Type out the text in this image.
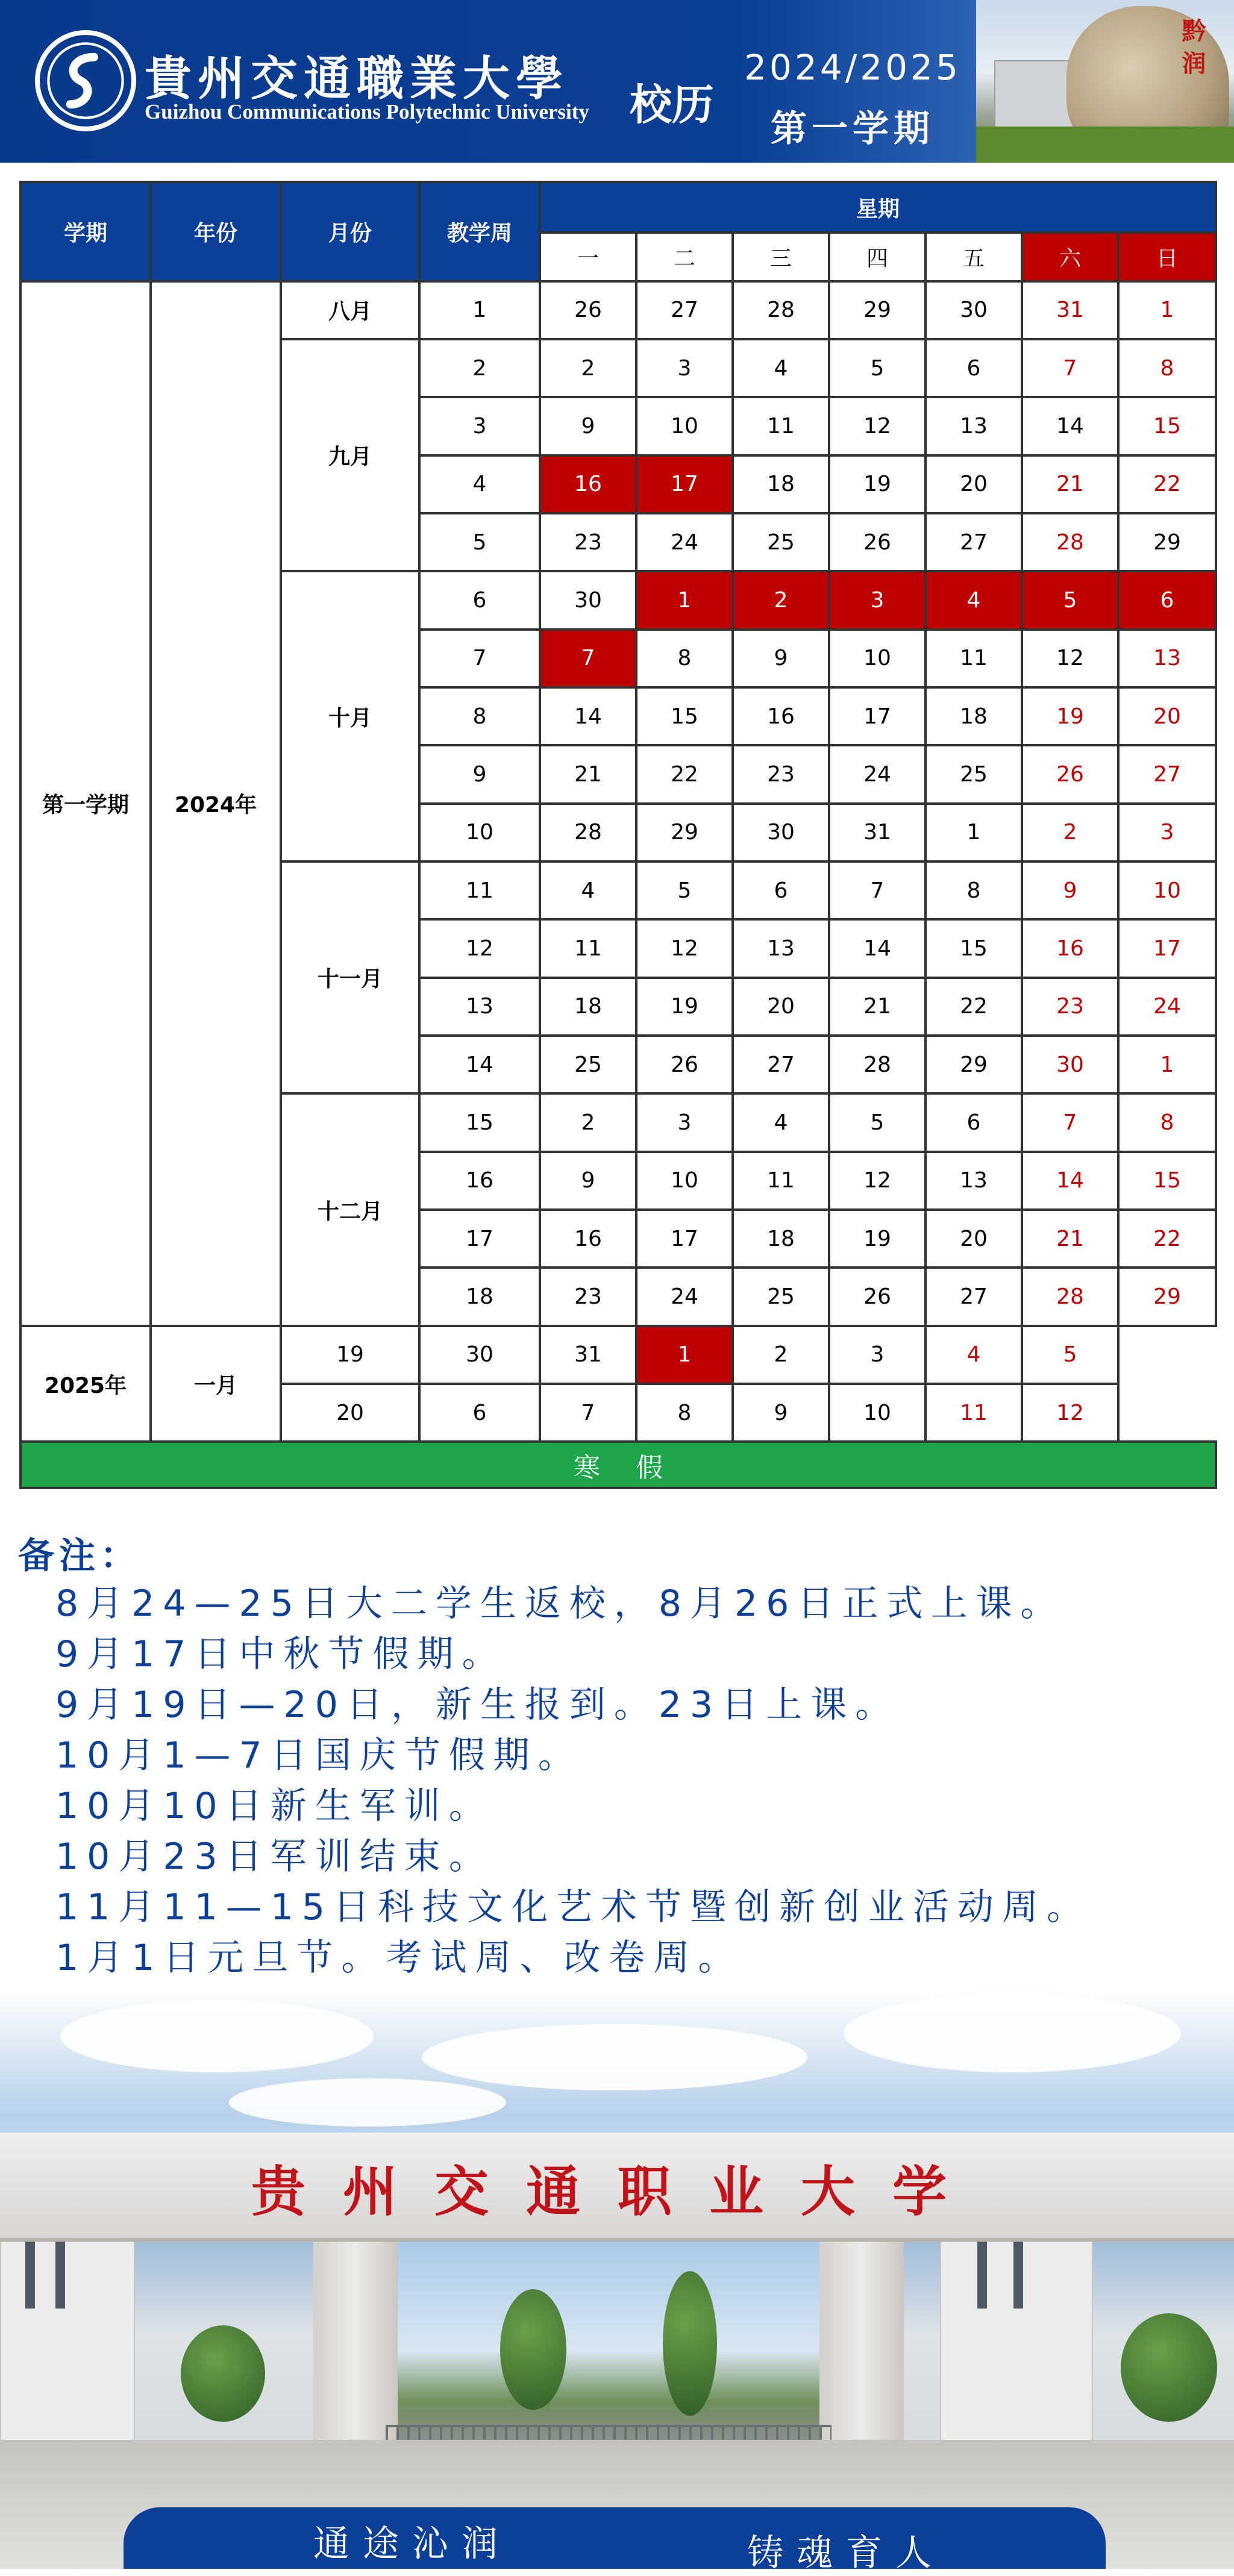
貴州交通職業大學
Guizhou Communications Polytechnic University 校历
2024/2025
第一学期
黔 润
学期	年份	月份	教学周	星期						
				一	二	三	四	五	六	日
第一学期	2024年	八月	1	26	27	28	29	30	31	1
		九月	2	2	3	4	5	6	7	8
			3	9	10	11	12	13	14	15
			4	16	17	18	19	20	21	22
			5	23	24	25	26	27	28	29
		十月	6	30	1	2	3	4	5	6
			7	7	8	9	10	11	12	13
			8	14	15	16	17	18	19	20
			9	21	22	23	24	25	26	27
			10	28	29	30	31	1	2	3
		十一月	11	4	5	6	7	8	9	10
			12	11	12	13	14	15	16	17
			13	18	19	20	21	22	23	24
			14	25	26	27	28	29	30	1
		十二月	15	2	3	4	5	6	7	8
			16	9	10	11	12	13	14	15
			17	16	17	18	19	20	21	22
			18	23	24	25	26	27	28	29
2025年	一月	19	30	31	1	2	3	4	5	
		20	6	7	8	9	10	11	12	
寒假										
备注：
8月24—25日大二学生返校，8月26日正式上课。
9月17日中秋节假期。
9月19日—20日，新生报到。23日上课。
10月1—7日国庆节假期。
10月10日新生军训。
10月23日军训结束。
11月11—15日科技文化艺术节暨创新创业活动周。
1月1日元旦节。考试周、改卷周。
贵州交通职业大学
通途沁润	铸魂育人
